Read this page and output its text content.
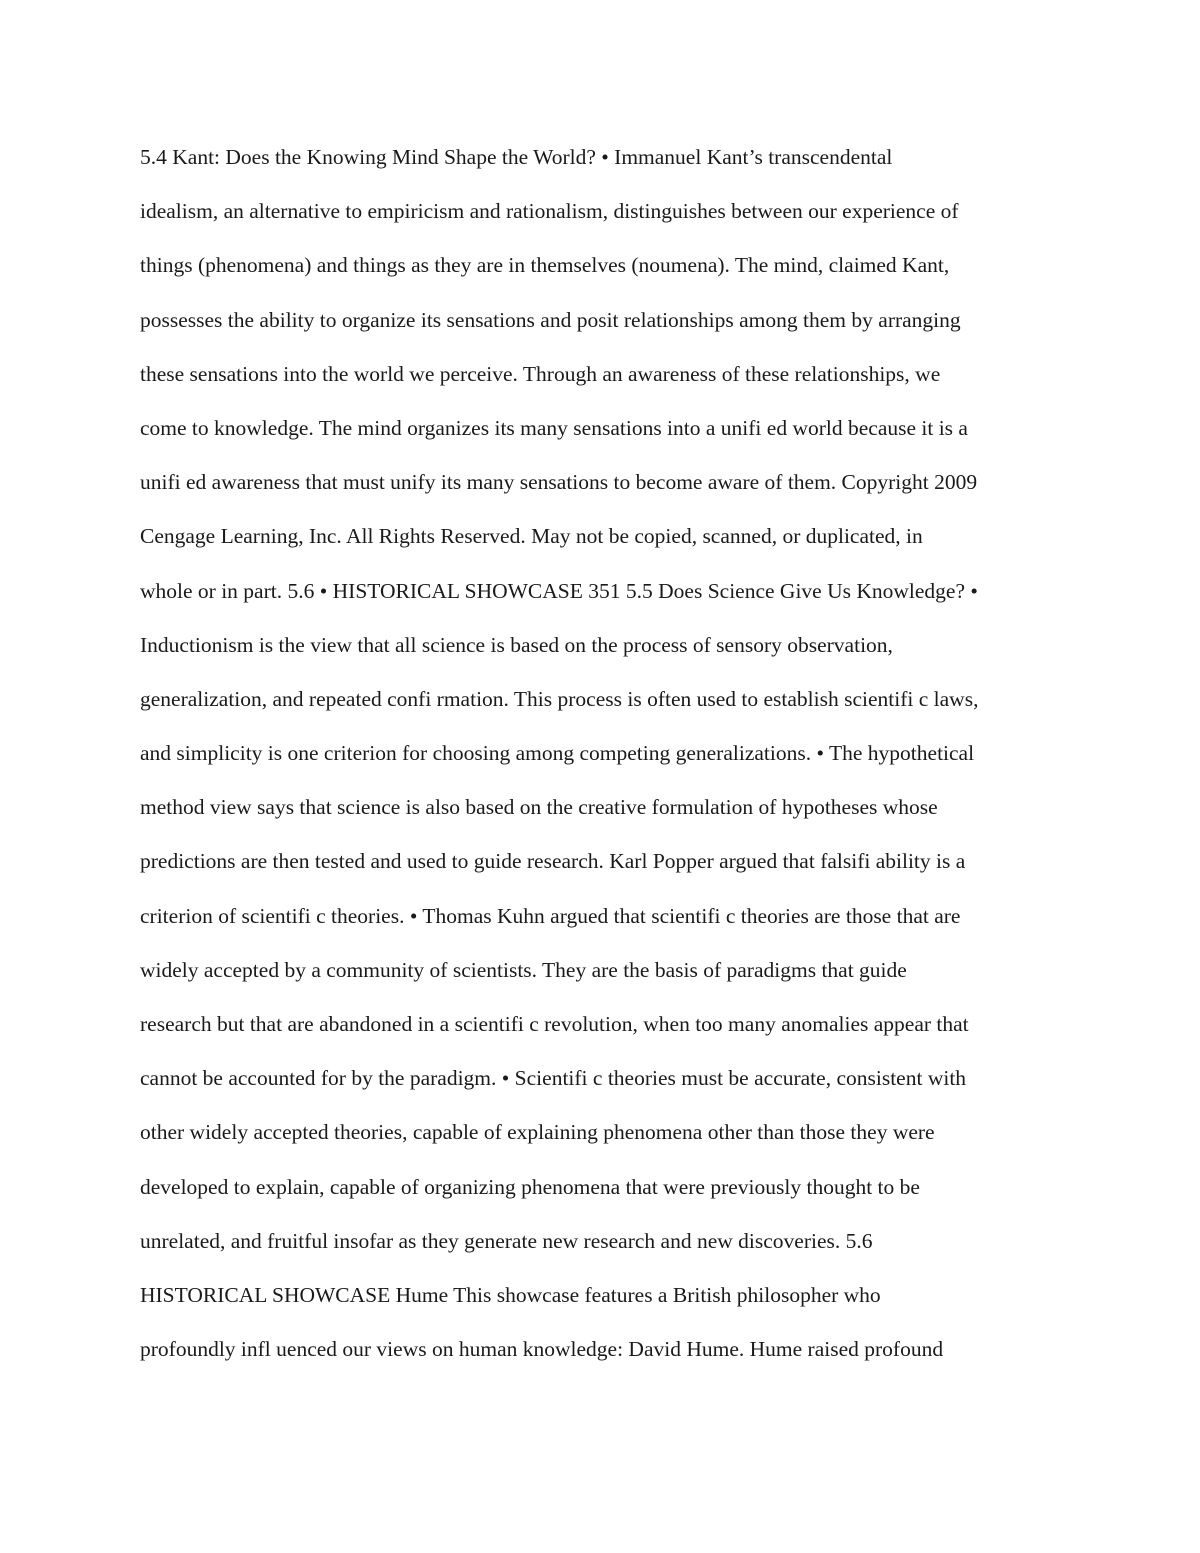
5.4 Kant: Does the Knowing Mind Shape the World? • Immanuel Kant’s transcendental
idealism, an alternative to empiricism and rationalism, distinguishes between our experience of
things (phenomena) and things as they are in themselves (noumena). The mind, claimed Kant,
possesses the ability to organize its sensations and posit relationships among them by arranging
these sensations into the world we perceive. Through an awareness of these relationships, we
come to knowledge. The mind organizes its many sensations into a unifi ed world because it is a
unifi ed awareness that must unify its many sensations to become aware of them. Copyright 2009
Cengage Learning, Inc. All Rights Reserved. May not be copied, scanned, or duplicated, in
whole or in part. 5.6 • HISTORICAL SHOWCASE 351 5.5 Does Science Give Us Knowledge? •
Inductionism is the view that all science is based on the process of sensory observation,
generalization, and repeated confi rmation. This process is often used to establish scientifi c laws,
and simplicity is one criterion for choosing among competing generalizations. • The hypothetical
method view says that science is also based on the creative formulation of hypotheses whose
predictions are then tested and used to guide research. Karl Popper argued that falsifi ability is a
criterion of scientifi c theories. • Thomas Kuhn argued that scientifi c theories are those that are
widely accepted by a community of scientists. They are the basis of paradigms that guide
research but that are abandoned in a scientifi c revolution, when too many anomalies appear that
cannot be accounted for by the paradigm. • Scientifi c theories must be accurate, consistent with
other widely accepted theories, capable of explaining phenomena other than those they were
developed to explain, capable of organizing phenomena that were previously thought to be
unrelated, and fruitful insofar as they generate new research and new discoveries. 5.6
HISTORICAL SHOWCASE Hume This showcase features a British philosopher who
profoundly infl uenced our views on human knowledge: David Hume. Hume raised profound
